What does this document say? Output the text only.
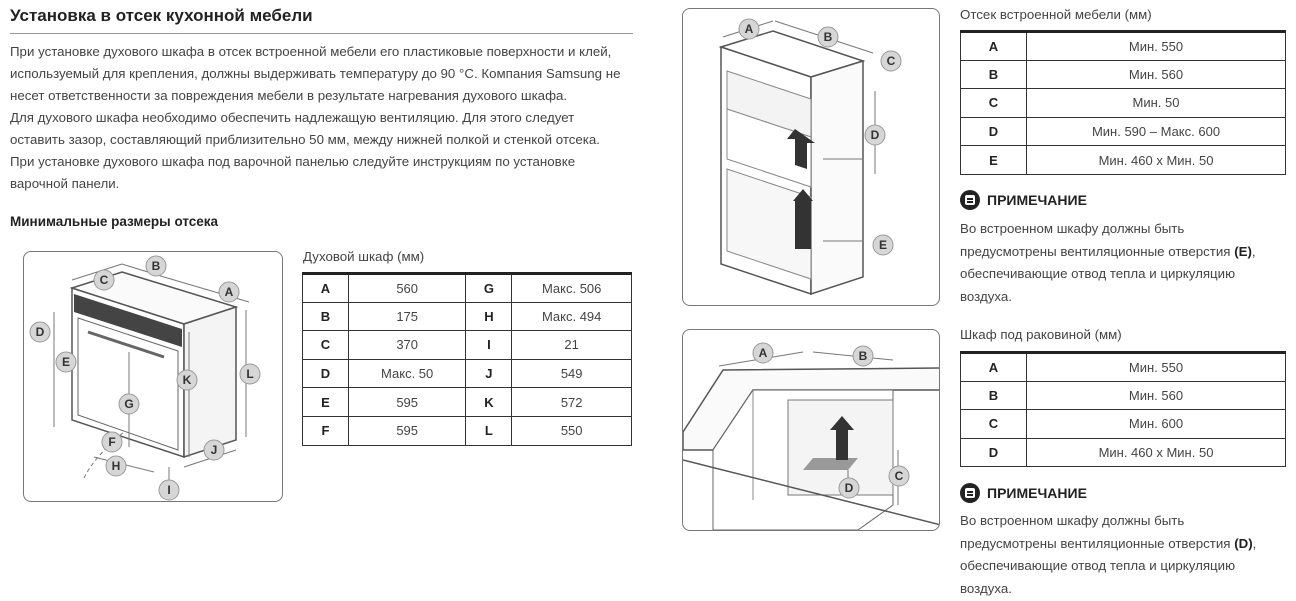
Установка в отсек кухонной мебели

При установке духового шкафа в отсек встроенной мебели его пластиковые поверхности и клей,

используемый для крепления, должны выдерживать температуру до 90 °C. Компания Samsung не

несет ответственности за повреждения мебели в результате нагревания духового шкафа.

Для духового шкафа необходимо обеспечить надлежащую вентиляцию. Для этого следует

оставить зазор, составляющий приблизительно 50 мм, между нижней полкой и стенкой отсека.

При установке духового шкафа под варочной панелью следуйте инструкциям по установке

варочной панели.

Минимальные размеры отсека
A
B
C
D
E
F
G
H
I
J
K	L
Духовой шкаф (мм)
A	560	G	Макс. 506
B	175	H	Макс. 494
C	370	I	21
D	Макс. 50	J	549
E	595	K	572
F	595	L	550
A
B
C
D
E
A	B
C
D
Отсек встроенной мебели (мм)
A	Мин. 550
B	Мин. 560
C	Мин. 50
D	Мин. 590 – Макс. 600
E	Мин. 460 x Мин. 50
ПРИМЕЧАНИЕ
Во встроенном шкафу должны быть
предусмотрены вентиляционные отверстия (E),
обеспечивающие отвод тепла и циркуляцию
воздуха.
Шкаф под раковиной (мм)
A	Мин. 550
B	Мин. 560
C	Мин. 600
D	Мин. 460 x Мин. 50
ПРИМЕЧАНИЕ
Во встроенном шкафу должны быть
предусмотрены вентиляционные отверстия (D),
обеспечивающие отвод тепла и циркуляцию
воздуха.
